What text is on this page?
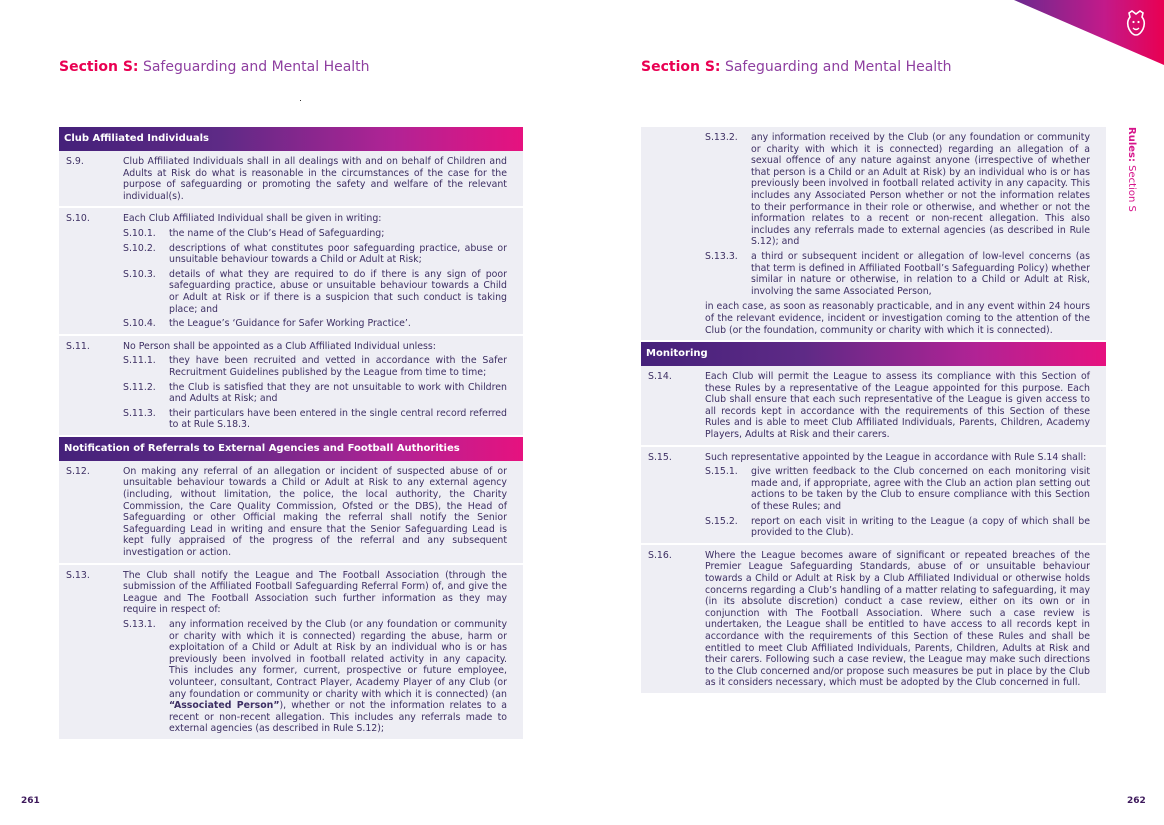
Section S: Safeguarding and Mental Health	Section S: Safeguarding and Mental Health
Rules: Section S
Club Affiliated Individuals
S.9.	Club Affiliated Individuals shall in all dealings with and on behalf of Children and Adults at Risk do what is reasonable in the circumstances of the case for the purpose of safeguarding or promoting the safety and welfare of the relevant individual(s).
S.10.	Each Club Affiliated Individual shall be given in writing:

S.10.1.	the name of the Club’s Head of Safeguarding;
S.10.2.	descriptions of what constitutes poor safeguarding practice, abuse or unsuitable behaviour towards a Child or Adult at Risk;
S.10.3.	details of what they are required to do if there is any sign of poor safeguarding practice, abuse or unsuitable behaviour towards a Child or Adult at Risk or if there is a suspicion that such conduct is taking place; and
S.10.4.	the League’s ‘Guidance for Safer Working Practice’.
S.11.	No Person shall be appointed as a Club Affiliated Individual unless:

S.11.1.	they have been recruited and vetted in accordance with the Safer Recruitment Guidelines published by the League from time to time;
S.11.2.	the Club is satisfied that they are not unsuitable to work with Children and Adults at Risk; and
S.11.3.	their particulars have been entered in the single central record referred to at Rule S.18.3.
Notification of Referrals to External Agencies and Football Authorities
S.12.	On making any referral of an allegation or incident of suspected abuse of or unsuitable behaviour towards a Child or Adult at Risk to any external agency (including, without limitation, the police, the local authority, the Charity Commission, the Care Quality Commission, Ofsted or the DBS), the Head of Safeguarding or other Official making the referral shall notify the Senior Safeguarding Lead in writing and ensure that the Senior Safeguarding Lead is kept fully appraised of the progress of the referral and any subsequent investigation or action.
S.13.	The Club shall notify the League and The Football Association (through the submission of the Affiliated Football Safeguarding Referral Form) of, and give the League and The Football Association such further information as they may require in respect of:

S.13.1.	any information received by the Club (or any foundation or community or charity with which it is connected) regarding the abuse, harm or exploitation of a Child or Adult at Risk by an individual who is or has previously been involved in football related activity in any capacity. This includes any former, current, prospective or future employee, volunteer, consultant, Contract Player, Academy Player of any Club (or any foundation or community or charity with which it is connected) (an “Associated Person”), whether or not the information relates to a recent or non-recent allegation. This includes any referrals made to external agencies (as described in Rule S.12);
S.13.2.	any information received by the Club (or any foundation or community or charity with which it is connected) regarding an allegation of a sexual offence of any nature against anyone (irrespective of whether that person is a Child or an Adult at Risk) by an individual who is or has previously been involved in football related activity in any capacity. This includes any Associated Person whether or not the information relates to their performance in their role or otherwise, and whether or not the information relates to a recent or non-recent allegation. This also includes any referrals made to external agencies (as described in Rule S.12); and
S.13.3.	a third or subsequent incident or allegation of low-level concerns (as that term is defined in Affiliated Football’s Safeguarding Policy) whether similar in nature or otherwise, in relation to a Child or Adult at Risk, involving the same Associated Person,

in each case, as soon as reasonably practicable, and in any event within 24 hours of the relevant evidence, incident or investigation coming to the attention of the Club (or the foundation, community or charity with which it is connected).

Monitoring
S.14.	Each Club will permit the League to assess its compliance with this Section of these Rules by a representative of the League appointed for this purpose. Each Club shall ensure that each such representative of the League is given access to all records kept in accordance with the requirements of this Section of these Rules and is able to meet Club Affiliated Individuals, Parents, Children, Academy Players, Adults at Risk and their carers.
S.15.	Such representative appointed by the League in accordance with Rule S.14 shall:

S.15.1.	give written feedback to the Club concerned on each monitoring visit made and, if appropriate, agree with the Club an action plan setting out actions to be taken by the Club to ensure compliance with this Section of these Rules; and
S.15.2.	report on each visit in writing to the League (a copy of which shall be provided to the Club).
S.16.	Where the League becomes aware of significant or repeated breaches of the Premier League Safeguarding Standards, abuse of or unsuitable behaviour towards a Child or Adult at Risk by a Club Affiliated Individual or otherwise holds concerns regarding a Club’s handling of a matter relating to safeguarding, it may (in its absolute discretion) conduct a case review, either on its own or in conjunction with The Football Association. Where such a case review is undertaken, the League shall be entitled to have access to all records kept in accordance with the requirements of this Section of these Rules and shall be entitled to meet Club Affiliated Individuals, Parents, Children, Adults at Risk and their carers. Following such a case review, the League may make such directions to the Club concerned and/or propose such measures be put in place by the Club as it considers necessary, which must be adopted by the Club concerned in full.
261	262
